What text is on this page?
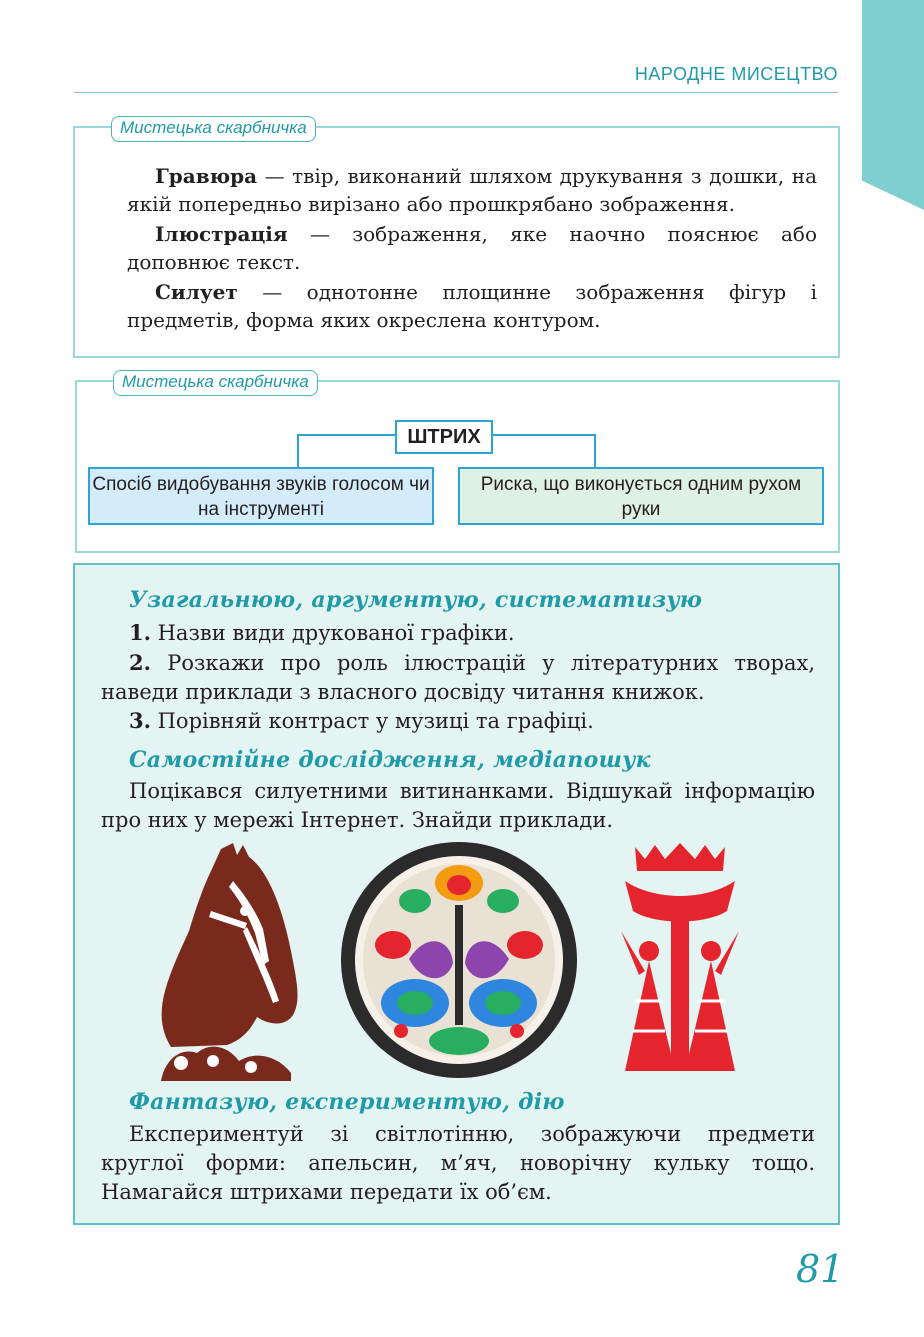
НАРОДНЕ МИСЕЦТВО
Мистецька скарбничка

Гравюра — твір, виконаний шляхом друкування з дошки, на якій попередньо вирізано або прошкрябано зображення.

Ілюстрація — зображення, яке наочно пояснює або доповнює текст.

Силует — однотонне площинне зображення фігур і предметів, форма яких окреслена контуром.

Мистецька скарбничка
ШТРИХ
Спосіб видобування звуків голосом чи на інструменті
Риска, що виконується одним рухом руки

Узагальнюю, аргументую, систематизую

1. Назви види друкованої графіки.

2. Розкажи про роль ілюстрацій у літературних творах, наведи приклади з власного досвіду читання книжок.

3. Порівняй контраст у музиці та графіці.

Самостійне дослідження, медіапошук

Поцікався силуетними витинанками. Відшукай інформацію про них у мережі Інтернет. Знайди приклади.

Фантазую, експериментую, дію

Експериментуй зі світлотінню, зображуючи предмети круглої форми: апельсин, м’яч, новорічну кульку тощо. Намагайся штрихами передати їх об’єм.

81
